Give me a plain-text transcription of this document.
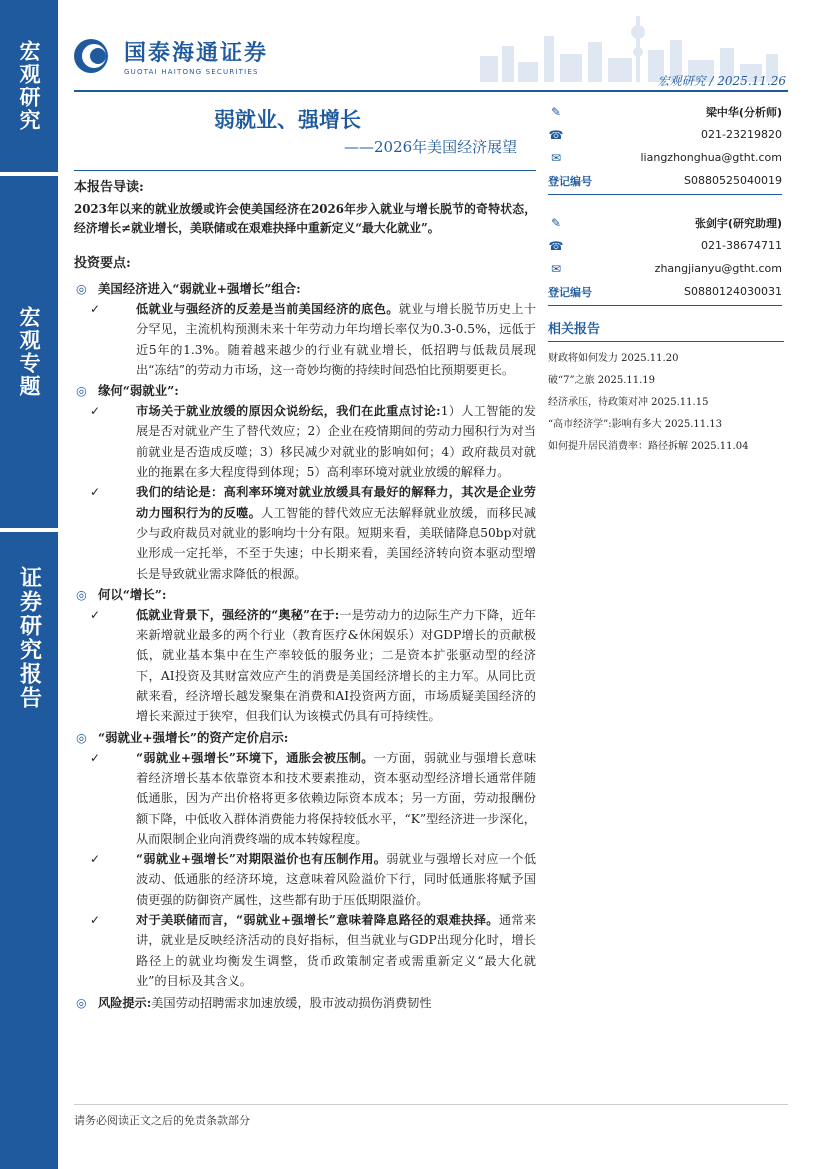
宏观研究
宏观专题
证券研究报告
国泰海通证券
GUOTAI HAITONG SECURITIES
宏观研究 / 2025.11.26
弱就业、强增长
——2026年美国经济展望
✎	梁中华(分析师)
☎	021-23219820
✉	liangzhonghua@gtht.com
登记编号	S0880525040019
✎	张剑宇(研究助理)
☎	021-38674711
✉	zhangjianyu@gtht.com
登记编号	S0880124030031
相关报告
财政将如何发力 2025.11.20
破“7”之旅 2025.11.19
经济承压，待政策对冲 2025.11.15
“高市经济学”:影响有多大 2025.11.13
如何提升居民消费率：路径拆解 2025.11.04
本报告导读:
2023年以来的就业放缓或许会使美国经济在2026年步入就业与增长脱节的奇特状态，经济增长≠就业增长，美联储或在艰难抉择中重新定义“最大化就业”。
投资要点:
◎ 美国经济进入“弱就业+强增长”组合:
✓	低就业与强经济的反差是当前美国经济的底色。就业与增长脱节历史上十分罕见，主流机构预测未来十年劳动力年均增长率仅为0.3-0.5%，远低于近5年的1.3%。随着越来越少的行业有就业增长，低招聘与低裁员展现出“冻结”的劳动力市场，这一奇妙均衡的持续时间恐怕比预期要更长。
◎ 缘何“弱就业”:
✓	市场关于就业放缓的原因众说纷纭，我们在此重点讨论:1）人工智能的发展是否对就业产生了替代效应；2）企业在疫情期间的劳动力囤积行为对当前就业是否造成反噬；3）移民减少对就业的影响如何；4）政府裁员对就业的拖累在多大程度得到体现；5）高利率环境对就业放缓的解释力。
✓	我们的结论是：高利率环境对就业放缓具有最好的解释力，其次是企业劳动力囤积行为的反噬。人工智能的替代效应无法解释就业放缓，而移民减少与政府裁员对就业的影响均十分有限。短期来看，美联储降息50bp对就业形成一定托举，不至于失速；中长期来看，美国经济转向资本驱动型增长是导致就业需求降低的根源。
◎ 何以“增长”:
✓	低就业背景下，强经济的“奥秘”在于:一是劳动力的边际生产力下降，近年来新增就业最多的两个行业（教育医疗&休闲娱乐）对GDP增长的贡献极低，就业基本集中在生产率较低的服务业；二是资本扩张驱动型的经济下，AI投资及其财富效应产生的消费是美国经济增长的主力军。从同比贡献来看，经济增长越发聚集在消费和AI投资两方面，市场质疑美国经济的增长来源过于狭窄，但我们认为该模式仍具有可持续性。
◎ “弱就业+强增长”的资产定价启示:
✓	“弱就业+强增长”环境下，通胀会被压制。一方面，弱就业与强增长意味着经济增长基本依靠资本和技术要素推动，资本驱动型经济增长通常伴随低通胀，因为产出价格将更多依赖边际资本成本；另一方面，劳动报酬份额下降，中低收入群体消费能力将保持较低水平，“K”型经济进一步深化，从而限制企业向消费终端的成本转嫁程度。
✓	“弱就业+强增长”对期限溢价也有压制作用。弱就业与强增长对应一个低波动、低通胀的经济环境，这意味着风险溢价下行，同时低通胀将赋予国债更强的防御资产属性，这些都有助于压低期限溢价。
✓	对于美联储而言，“弱就业+强增长”意味着降息路径的艰难抉择。通常来讲，就业是反映经济活动的良好指标，但当就业与GDP出现分化时，增长路径上的就业均衡发生调整，货币政策制定者或需重新定义“最大化就业”的目标及其含义。
◎ 风险提示:美国劳动招聘需求加速放缓，股市波动损伤消费韧性
请务必阅读正文之后的免责条款部分
